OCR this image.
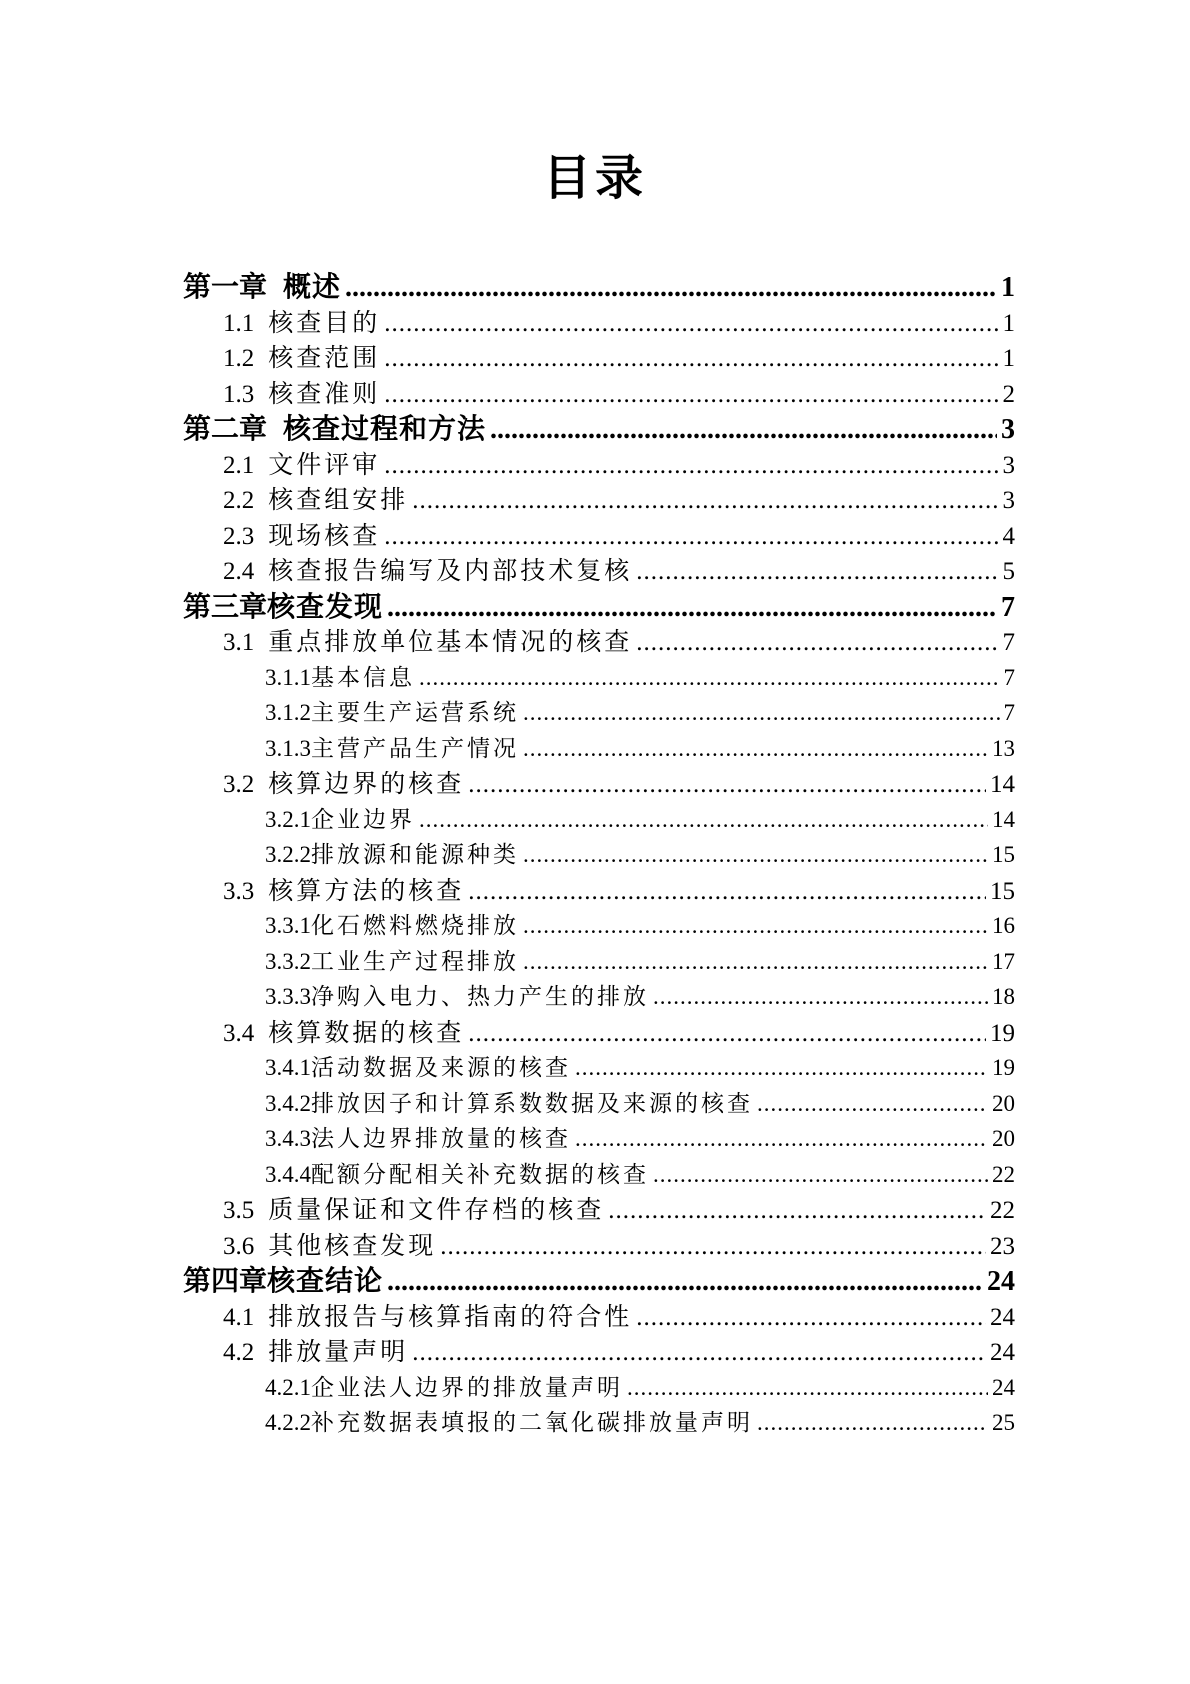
目录
第一章 概述 .....	1
1.1 核查目的 .....	1
1.2 核查范围 .....	1
1.3 核查准则 .....	2
第二章 核查过程和方法 .....	3
2.1 文件评审 .....	3
2.2 核查组安排 .....	3
2.3 现场核查 .....	4
2.4 核查报告编写及内部技术复核 .....	5
第三章 核查发现 .....	7
3.1 重点排放单位基本情况的核查 .....	7
3.1.1 基本信息 .....	7
3.1.2 主要生产运营系统 .....	7
3.1.3 主营产品生产情况 .....	13
3.2 核算边界的核查 .....	14
3.2.1 企业边界 .....	14
3.2.2 排放源和能源种类 .....	15
3.3 核算方法的核查 .....	15
3.3.1 化石燃料燃烧排放 .....	16
3.3.2 工业生产过程排放 .....	17
3.3.3 净购入电力、热力产生的排放 .....	18
3.4 核算数据的核查 .....	19
3.4.1 活动数据及来源的核查 .....	19
3.4.2 排放因子和计算系数数据及来源的核查 .....	20
3.4.3 法人边界排放量的核查 .....	20
3.4.4 配额分配相关补充数据的核查 .....	22
3.5 质量保证和文件存档的核查 .....	22
3.6 其他核查发现 .....	23
第四章 核查结论 .....	24
4.1 排放报告与核算指南的符合性 .....	24
4.2 排放量声明 .....	24
4.2.1 企业法人边界的排放量声明 .....	24
4.2.2 补充数据表填报的二氧化碳排放量声明 .....	25
